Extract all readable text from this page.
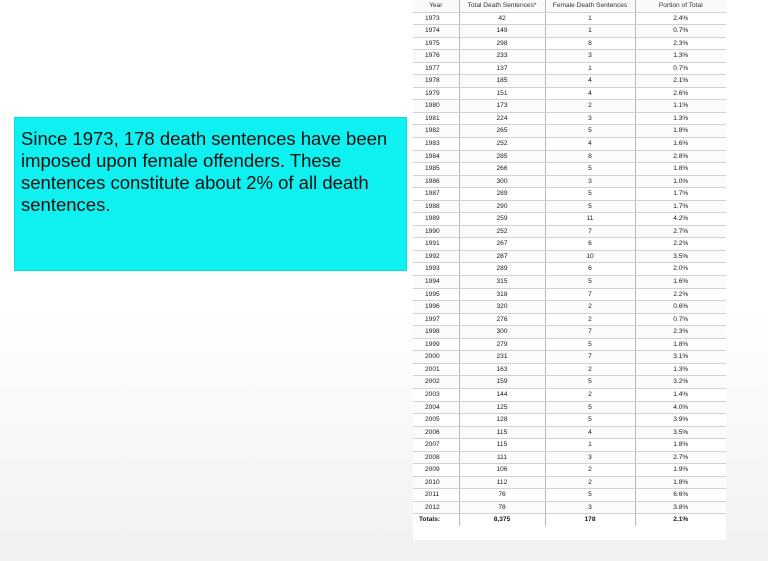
Since 1973, 178 death sentences have been imposed upon female offenders. These sentences constitute about 2% of all death sentences.

Year	Total Death Sentences*	Female Death Sentences	Portion of Total
1973	42	1	2.4%
1974	149	1	0.7%
1975	298	8	2.3%
1976	233	3	1.3%
1977	137	1	0.7%
1978	185	4	2.1%
1979	151	4	2.6%
1980	173	2	1.1%
1981	224	3	1.3%
1982	265	5	1.8%
1983	252	4	1.6%
1984	285	8	2.8%
1985	266	5	1.8%
1986	300	3	1.0%
1987	289	5	1.7%
1988	290	5	1.7%
1989	259	11	4.2%
1990	252	7	2.7%
1991	267	6	2.2%
1992	287	10	3.5%
1993	289	6	2.0%
1994	315	5	1.6%
1995	318	7	2.2%
1996	320	2	0.6%
1997	276	2	0.7%
1998	300	7	2.3%
1999	279	5	1.8%
2000	231	7	3.1%
2001	163	2	1.3%
2002	159	5	3.2%
2003	144	2	1.4%
2004	125	5	4.0%
2005	128	5	3.9%
2006	115	4	3.5%
2007	115	1	1.8%
2008	111	3	2.7%
2009	106	2	1.9%
2010	112	2	1.8%
2011	76	5	6.6%
2012	78	3	3.8%
Totals:	8,375	178	2.1%
